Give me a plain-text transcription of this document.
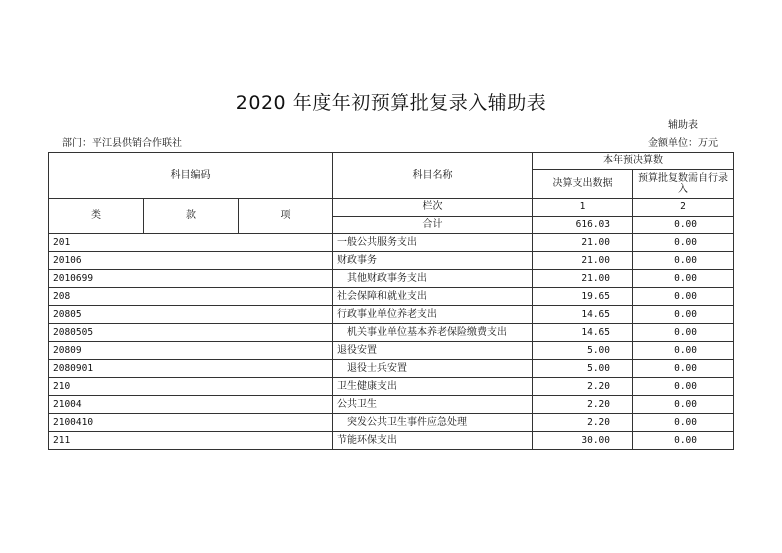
2020 年度年初预算批复录入辅助表
辅助表
部门：平江县供销合作联社	金额单位：万元
科目编码			科目名称	本年预决算数	
				决算支出数据	预算批复数需自行录入
类	款	项	栏次	1	2
			合计	616.03	0.00
201			一般公共服务支出	21.00	0.00
20106			财政事务	21.00	0.00
2010699			其他财政事务支出	21.00	0.00
208			社会保障和就业支出	19.65	0.00
20805			行政事业单位养老支出	14.65	0.00
2080505			机关事业单位基本养老保险缴费支出	14.65	0.00
20809			退役安置	5.00	0.00
2080901			退役士兵安置	5.00	0.00
210			卫生健康支出	2.20	0.00
21004			公共卫生	2.20	0.00
2100410			突发公共卫生事件应急处理	2.20	0.00
211			节能环保支出	30.00	0.00
